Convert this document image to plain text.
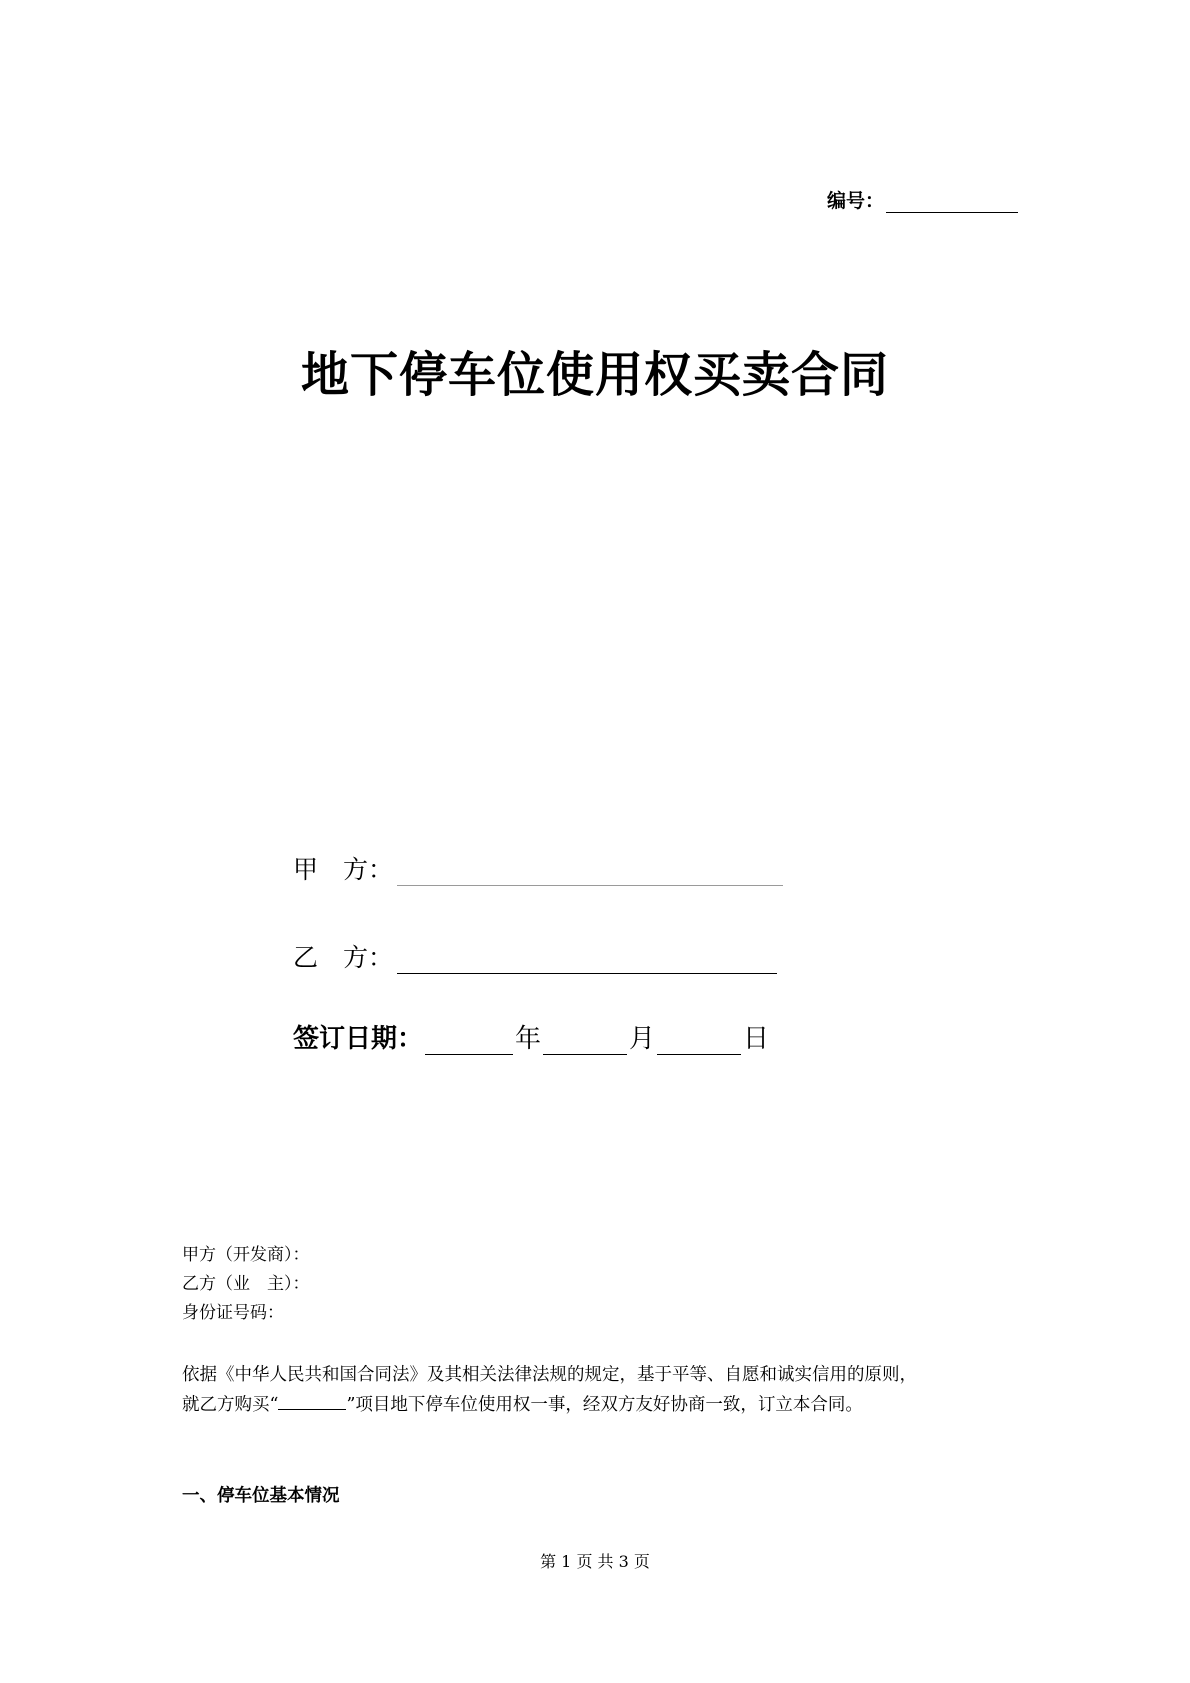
编号：
地下停车位使用权买卖合同
甲　方：
乙　方：
签订日期：	年	月	日
甲方（开发商）：
乙方（业　主）：
身份证号码：
依据《中华人民共和国合同法》及其相关法律法规的规定，基于平等、自愿和诚实信用的原则，
就乙方购买“	”项目地下停车位使用权一事，经双方友好协商一致，订立本合同。
一、停车位基本情况
第 1 页 共 3 页
